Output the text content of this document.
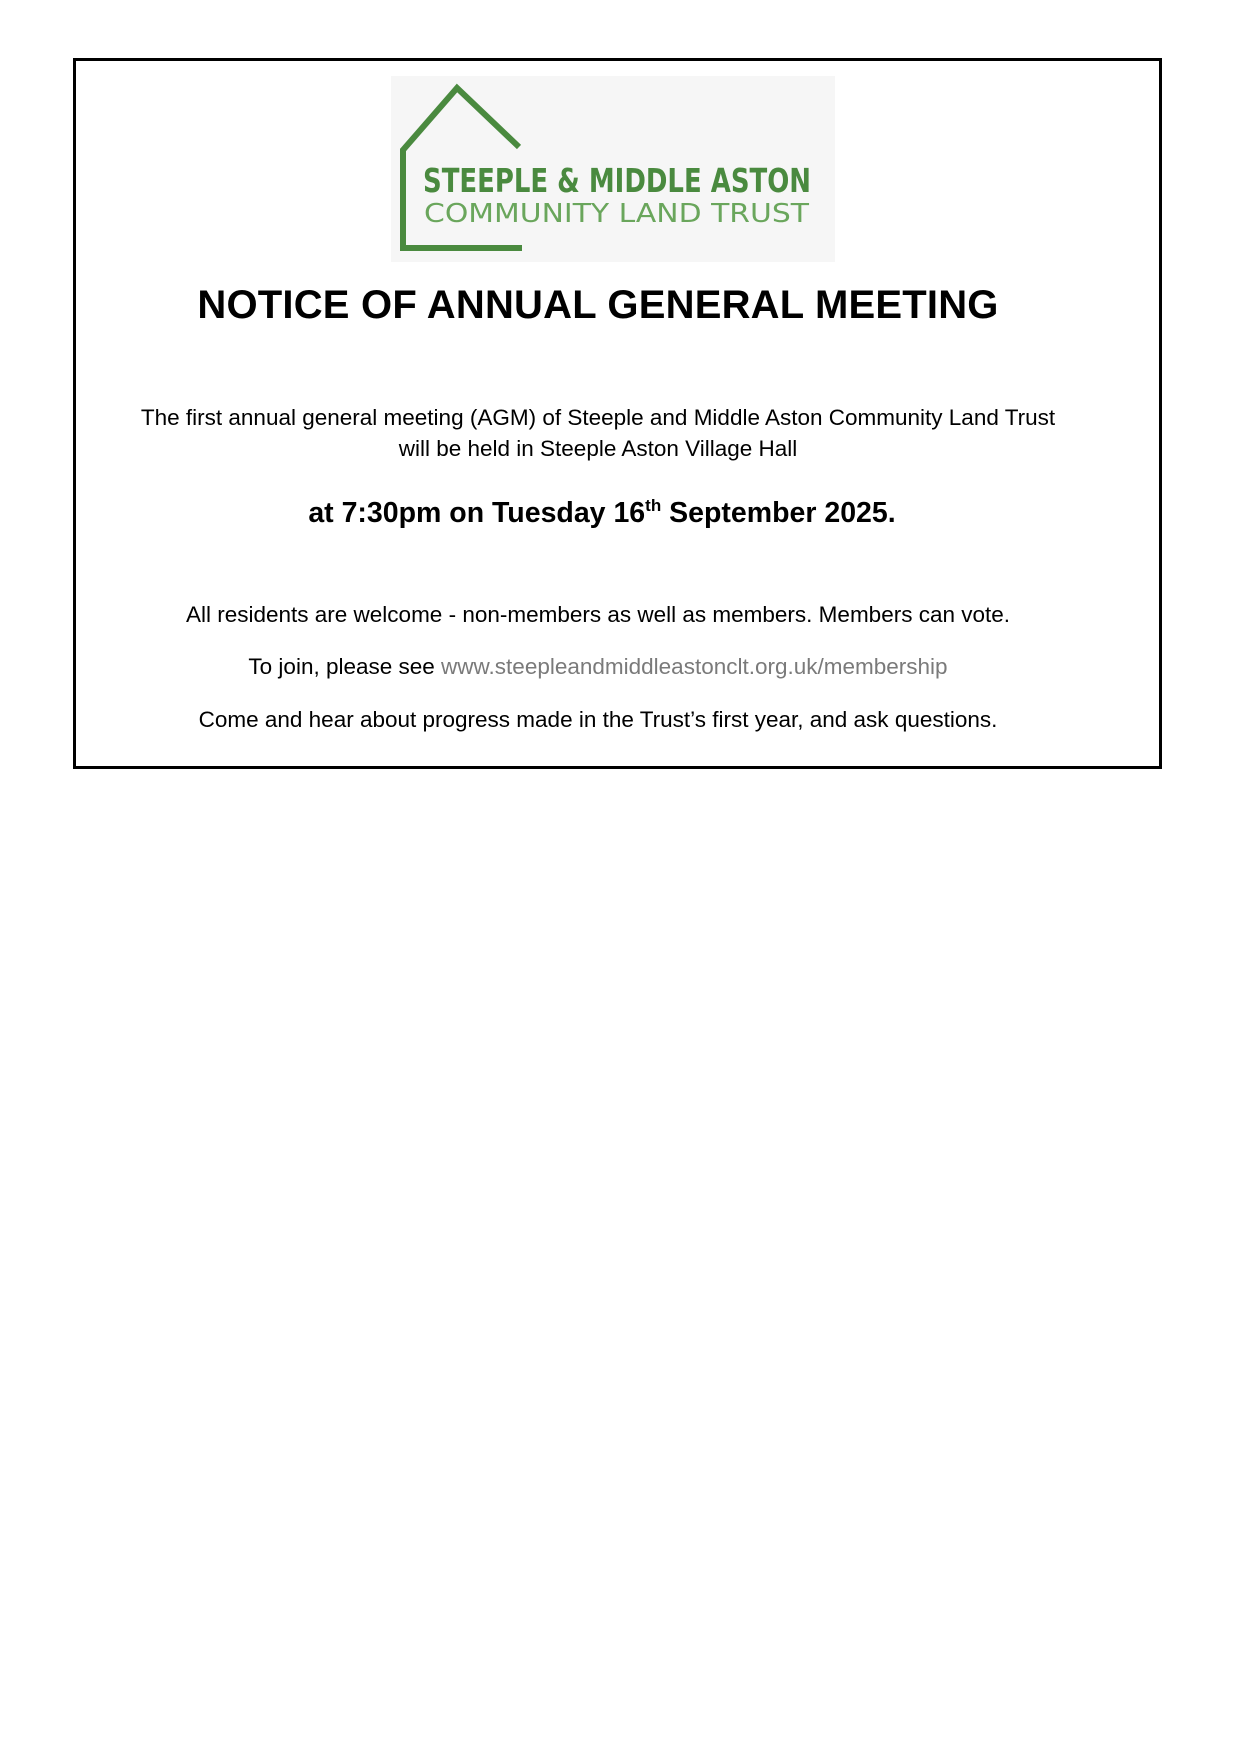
STEEPLE & MIDDLE ASTON
COMMUNITY LAND TRUST
NOTICE OF ANNUAL GENERAL MEETING
The first annual general meeting (AGM) of Steeple and Middle Aston Community Land Trust
will be held in Steeple Aston Village Hall
at 7:30pm on Tuesday 16th September 2025.
All residents are welcome - non-members as well as members. Members can vote.
To join, please see www.steepleandmiddleastonclt.org.uk/membership
Come and hear about progress made in the Trust’s first year, and ask questions.
